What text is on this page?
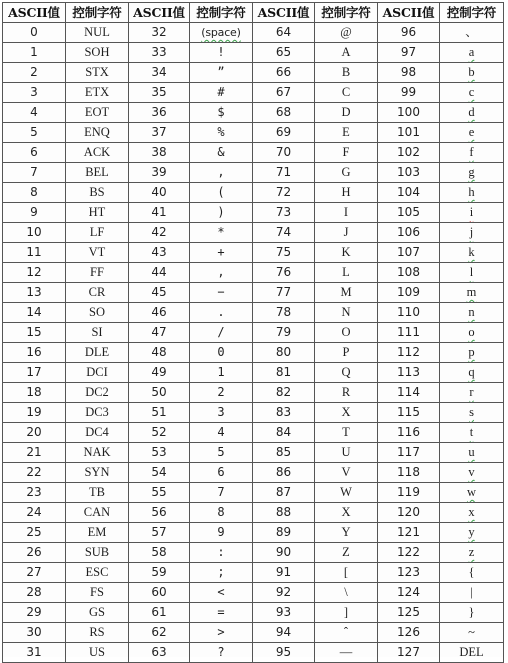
ASCII值	控制字符	ASCII值	控制字符	ASCII值	控制字符	ASCII值	控制字符
0	NUL	32	(space)	64	@	96	、
1	SOH	33	!	65	A	97	a
2	STX	34	”	66	B	98	b
3	ETX	35	#	67	C	99	c
4	EOT	36	$	68	D	100	d
5	ENQ	37	%	69	E	101	e
6	ACK	38	&	70	F	102	f
7	BEL	39	,	71	G	103	g
8	BS	40	(	72	H	104	h
9	HT	41	)	73	I	105	i
10	LF	42	*	74	J	106	j
11	VT	43	+	75	K	107	k
12	FF	44	,	76	L	108	l
13	CR	45	−	77	M	109	m
14	SO	46	.	78	N	110	n
15	SI	47	/	79	O	111	o
16	DLE	48	0	80	P	112	p
17	DCI	49	1	81	Q	113	q
18	DC2	50	2	82	R	114	r
19	DC3	51	3	83	X	115	s
20	DC4	52	4	84	T	116	t
21	NAK	53	5	85	U	117	u
22	SYN	54	6	86	V	118	v
23	TB	55	7	87	W	119	w
24	CAN	56	8	88	X	120	x
25	EM	57	9	89	Y	121	y
26	SUB	58	:	90	Z	122	z
27	ESC	59	;	91	[	123	{
28	FS	60	<	92	\	124	|
29	GS	61	=	93	]	125	}
30	RS	62	>	94	ˆ	126	~
31	US	63	?	95	—	127	DEL
